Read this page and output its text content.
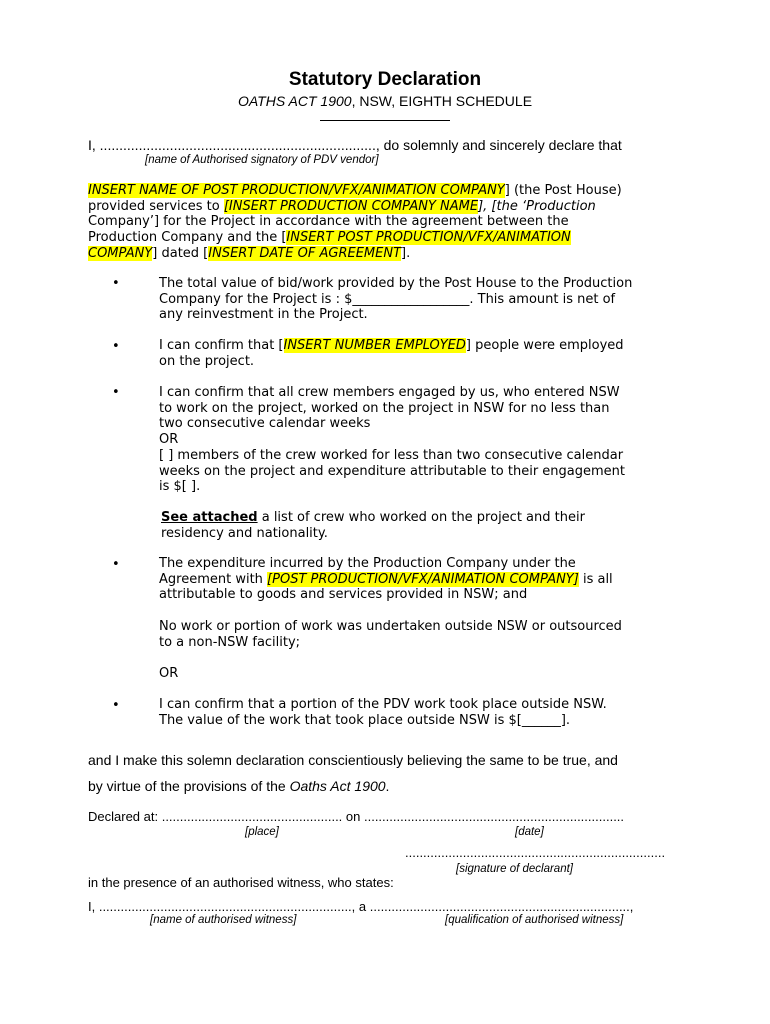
Statutory Declaration
OATHS ACT 1900, NSW, EIGHTH SCHEDULE
I, ......................................................................., do solemnly and sincerely declare that
[name of Authorised signatory of PDV vendor]
INSERT NAME OF POST PRODUCTION/VFX/ANIMATION COMPANY] (the Post House)
provided services to [INSERT PRODUCTION COMPANY NAME], [the ‘Production
Company’] for the Project in accordance with the agreement between the
Production Company and the [INSERT POST PRODUCTION/VFX/ANIMATION
COMPANY] dated [INSERT DATE OF AGREEMENT].
•	The total value of bid/work provided by the Post House to the Production
Company for the Project is : $__________________. This amount is net of
any reinvestment in the Project.
•	I can confirm that [INSERT NUMBER EMPLOYED] people were employed
on the project.
•	I can confirm that all crew members engaged by us, who entered NSW
to work on the project, worked on the project in NSW for no less than
two consecutive calendar weeks
OR
[ ] members of the crew worked for less than two consecutive calendar
weeks on the project and expenditure attributable to their engagement
is $[ ].
See attached a list of crew who worked on the project and their
residency and nationality.
•	The expenditure incurred by the Production Company under the
Agreement with [POST PRODUCTION/VFX/ANIMATION COMPANY] is all
attributable to goods and services provided in NSW; and
No work or portion of work was undertaken outside NSW or outsourced
to a non-NSW facility;
OR
•	I can confirm that a portion of the PDV work took place outside NSW.
The value of the work that took place outside NSW is $[______].
and I make this solemn declaration conscientiously believing the same to be true, and
by virtue of the provisions of the Oaths Act 1900.
Declared at: .................................................. on ........................................................................
[place]	[date]
........................................................................
[signature of declarant]
in the presence of an authorised witness, who states:
I, ......................................................................, a ........................................................................,
[name of authorised witness]	[qualification of authorised witness]
